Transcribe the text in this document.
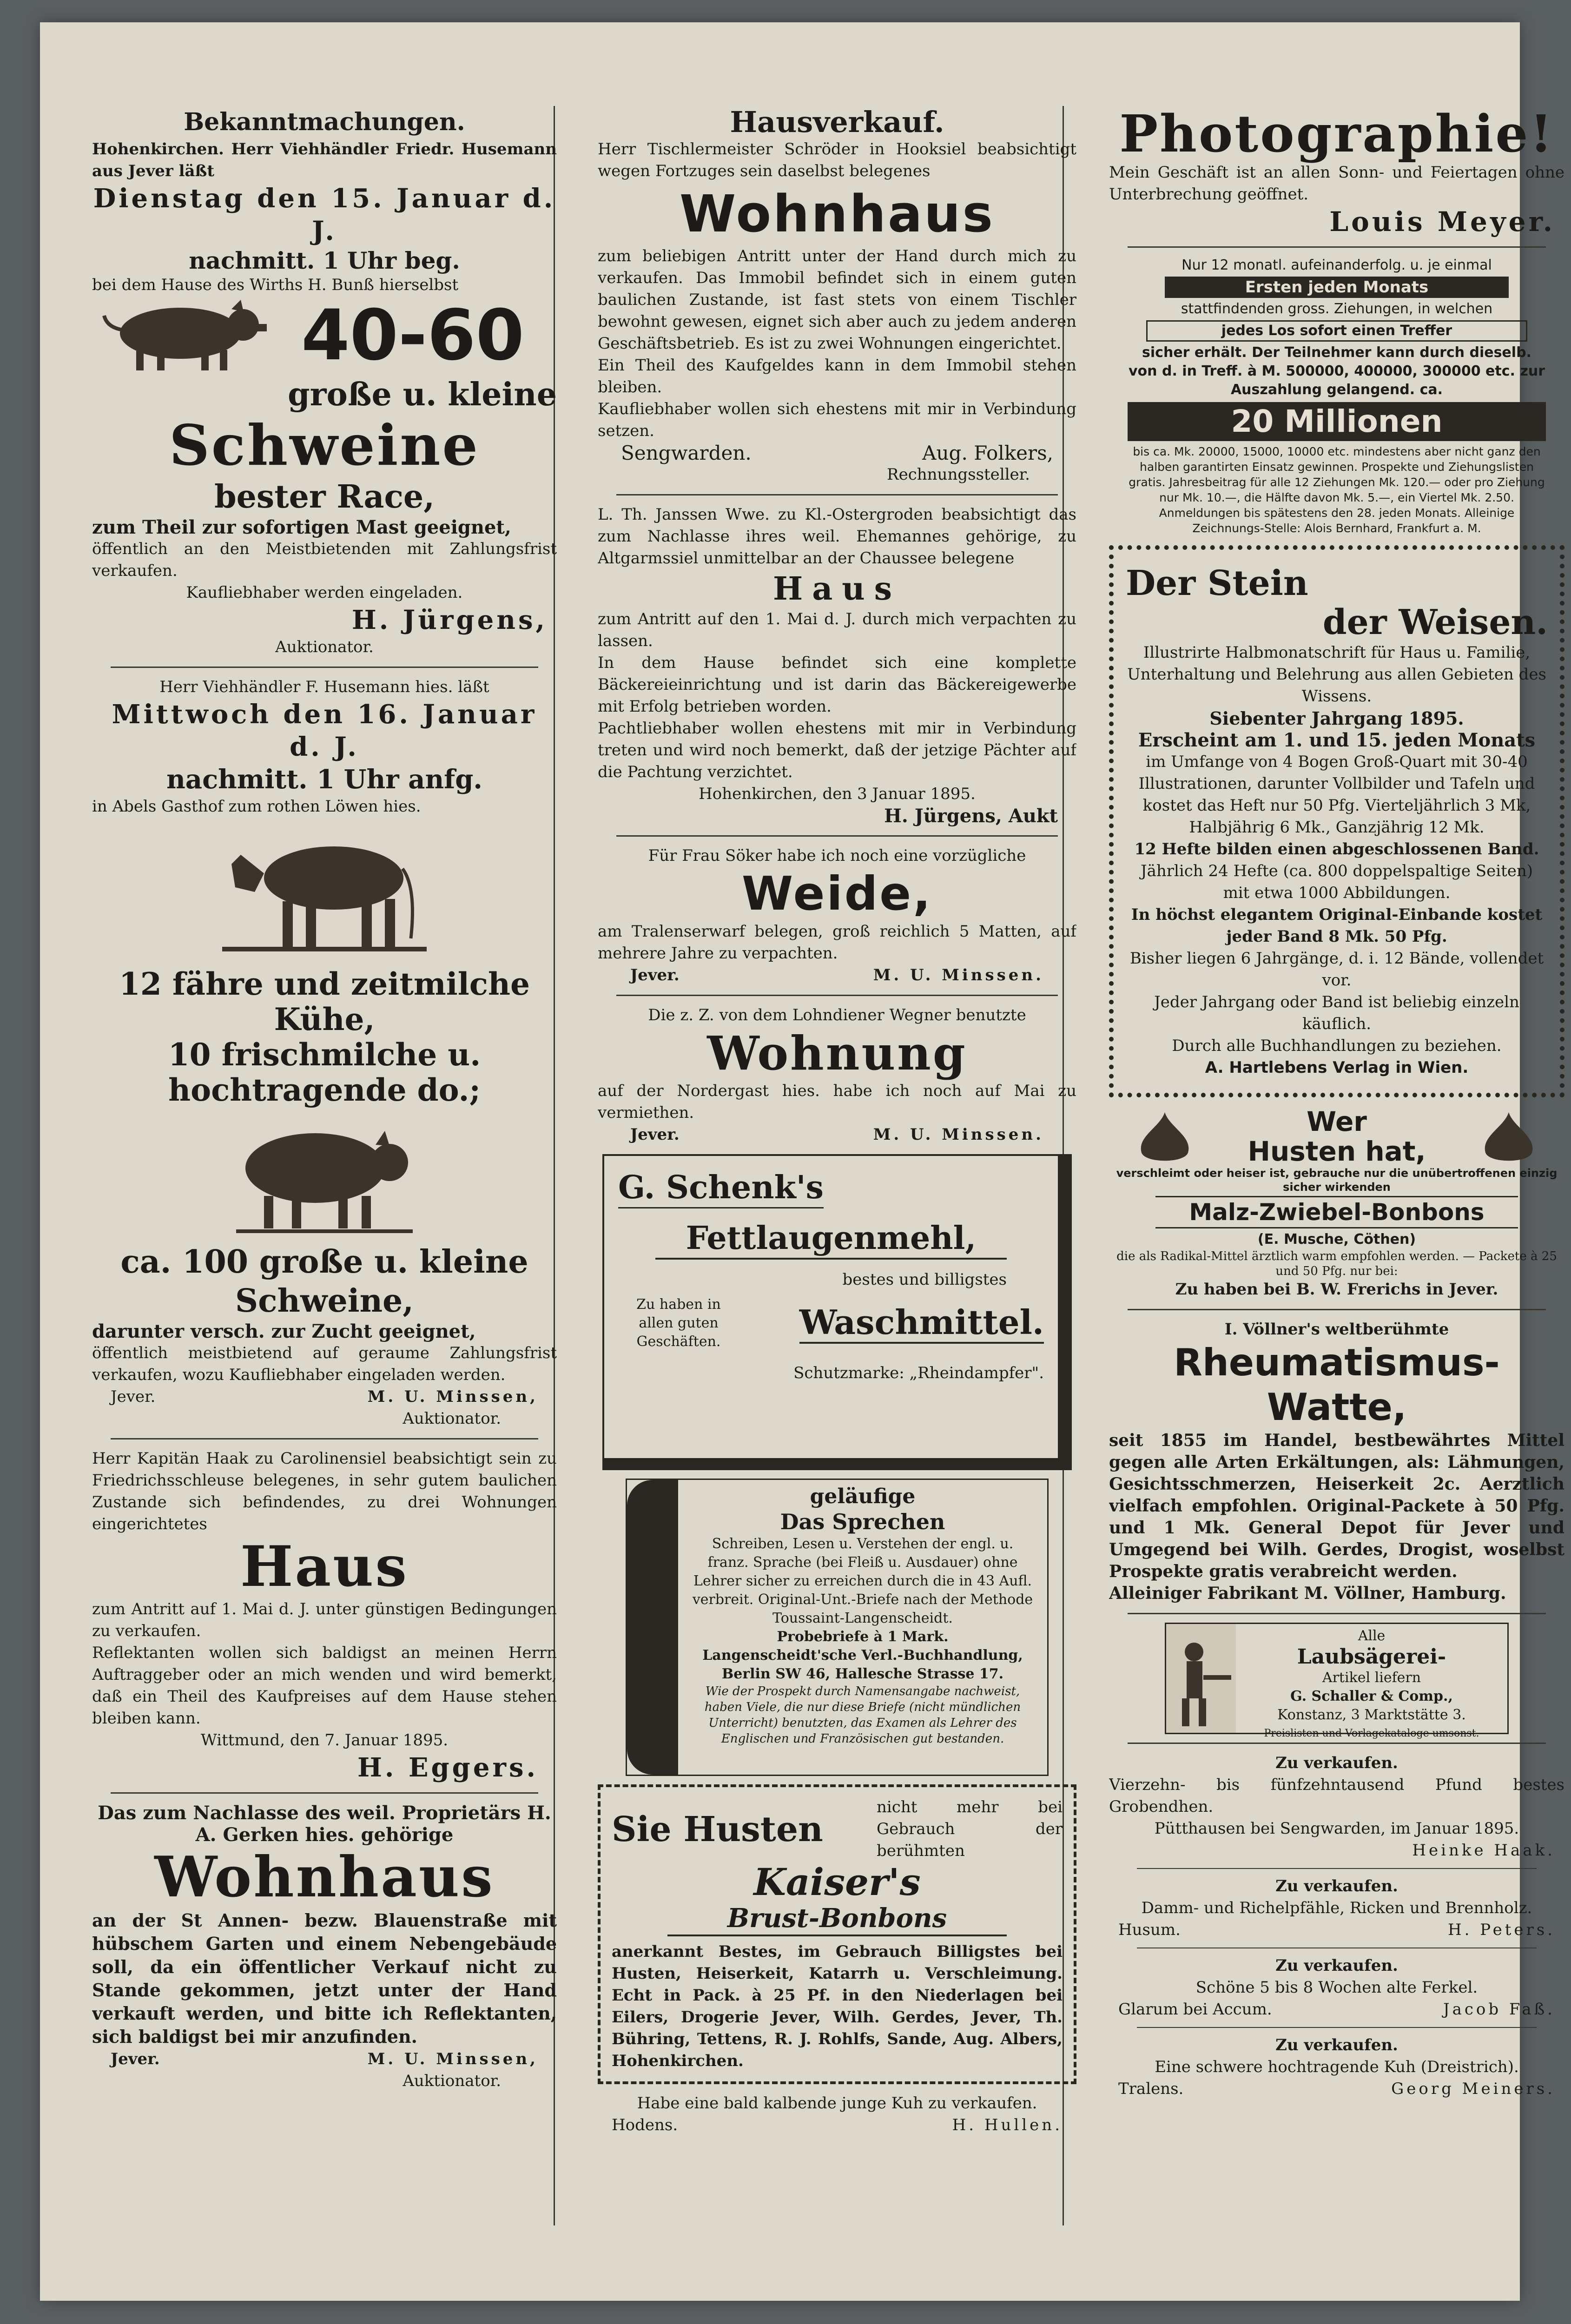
Bekanntmachungen.
Hohenkirchen. Herr Viehhändler Friedr. Husemann aus Jever läßt
Dienstag den 15. Januar d. J.
nachmitt. 1 Uhr beg.
bei dem Hause des Wirths H. Bunß hierselbst
40-60
große u. kleine
Schweine
bester Race,
zum Theil zur sofortigen Mast geeignet,
öffentlich an den Meistbietenden mit Zahlungsfrist verkaufen.
Kaufliebhaber werden eingeladen.
H. Jürgens,
Auktionator.
Herr Viehhändler F. Husemann hies. läßt
Mittwoch den 16. Januar d. J.
nachmitt. 1 Uhr anfg.
in Abels Gasthof zum rothen Löwen hies.
12 fähre und zeitmilche Kühe,
10 frischmilche u. hochtragende do.;
ca. 100 große u. kleine Schweine,
darunter versch. zur Zucht geeignet,
öffentlich meistbietend auf geraume Zahlungsfrist verkaufen, wozu Kaufliebhaber eingeladen werden.
Jever.	M. U. Minssen,
Auktionator.
Herr Kapitän Haak zu Carolinensiel beabsichtigt sein zu Friedrichsschleuse belegenes, in sehr gutem baulichen Zustande sich befindendes, zu drei Wohnungen eingerichtetes
Haus
zum Antritt auf 1. Mai d. J. unter günstigen Bedingungen zu verkaufen.
Reflektanten wollen sich baldigst an meinen Herrn Auftraggeber oder an mich wenden und wird bemerkt, daß ein Theil des Kaufpreises auf dem Hause stehen bleiben kann.
Wittmund, den 7. Januar 1895.
H. Eggers.
Das zum Nachlasse des weil. Proprietärs H. A. Gerken hies. gehörige
Wohnhaus
an der St Annen- bezw. Blauenstraße mit hübschem Garten und einem Nebengebäude soll, da ein öffentlicher Verkauf nicht zu Stande gekommen, jetzt unter der Hand verkauft werden, und bitte ich Reflektanten, sich baldigst bei mir anzufinden.
Jever.	M. U. Minssen,
Auktionator.
Hausverkauf.
Herr Tischlermeister Schröder in Hooksiel beabsichtigt wegen Fortzuges sein daselbst belegenes
Wohnhaus
zum beliebigen Antritt unter der Hand durch mich zu verkaufen. Das Immobil befindet sich in einem guten baulichen Zustande, ist fast stets von einem Tischler bewohnt gewesen, eignet sich aber auch zu jedem anderen Geschäftsbetrieb. Es ist zu zwei Wohnungen eingerichtet.
Ein Theil des Kaufgeldes kann in dem Immobil stehen bleiben.
Kaufliebhaber wollen sich ehestens mit mir in Verbindung setzen.
Sengwarden.	Aug. Folkers,
Rechnungssteller.
L. Th. Janssen Wwe. zu Kl.-Ostergroden beabsichtigt das zum Nachlasse ihres weil. Ehemannes gehörige, zu Altgarmssiel unmittelbar an der Chaussee belegene
Haus
zum Antritt auf den 1. Mai d. J. durch mich verpachten zu lassen.
In dem Hause befindet sich eine komplette Bäckereieinrichtung und ist darin das Bäckereigewerbe mit Erfolg betrieben worden.
Pachtliebhaber wollen ehestens mit mir in Verbindung treten und wird noch bemerkt, daß der jetzige Pächter auf die Pachtung verzichtet.
Hohenkirchen, den 3 Januar 1895.
H. Jürgens, Aukt
Für Frau Söker habe ich noch eine vorzügliche
Weide,
am Tralenserwarf belegen, groß reichlich 5 Matten, auf mehrere Jahre zu verpachten.
Jever.	M. U. Minssen.
Die z. Z. von dem Lohndiener Wegner benutzte
Wohnung
auf der Nordergast hies. habe ich noch auf Mai zu vermiethen.
Jever.	M. U. Minssen.
G. Schenk's
Fettlaugenmehl,
bestes und billigstes
Zu haben in allen guten Geschäften.	Waschmittel.
Schutzmarke: „Rheindampfer".
geläufige
Das Sprechen
Schreiben, Lesen u. Verstehen der engl. u. franz. Sprache (bei Fleiß u. Ausdauer) ohne Lehrer sicher zu erreichen durch die in 43 Aufl. verbreit. Original-Unt.-Briefe nach der Methode Toussaint-Langenscheidt.
Probebriefe à 1 Mark.
Langenscheidt'sche Verl.-Buchhandlung, Berlin SW 46, Hallesche Strasse 17.
Wie der Prospekt durch Namensangabe nachweist, haben Viele, die nur diese Briefe (nicht mündlichen Unterricht) benutzten, das Examen als Lehrer des Englischen und Französischen gut bestanden.
Sie Husten
nicht mehr bei Gebrauch der berühmten
Kaiser's
Brust-Bonbons
anerkannt Bestes, im Gebrauch Billigstes bei Husten, Heiserkeit, Katarrh u. Verschleimung. Echt in Pack. à 25 Pf. in den Niederlagen bei Eilers, Drogerie Jever, Wilh. Gerdes, Jever, Th. Bühring, Tettens, R. J. Rohlfs, Sande, Aug. Albers, Hohenkirchen.
Habe eine bald kalbende junge Kuh zu verkaufen.
Hodens.	H. Hullen.
Photographie!
Mein Geschäft ist an allen Sonn- und Feiertagen ohne Unterbrechung geöffnet.
Louis Meyer.
Nur 12 monatl. aufeinanderfolg. u. je einmal
Ersten jeden Monats
stattfindenden gross. Ziehungen, in welchen
jedes Los sofort einen Treffer
sicher erhält. Der Teilnehmer kann durch dieselb. von d. in Treff. à M. 500000, 400000, 300000 etc. zur Auszahlung gelangend. ca.
20 Millionen
bis ca. Mk. 20000, 15000, 10000 etc. mindestens aber nicht ganz den halben garantirten Einsatz gewinnen. Prospekte und Ziehungslisten gratis. Jahresbeitrag für alle 12 Ziehungen Mk. 120.— oder pro Ziehung nur Mk. 10.—, die Hälfte davon Mk. 5.—, ein Viertel Mk. 2.50. Anmeldungen bis spätestens den 28. jeden Monats. Alleinige Zeichnungs-Stelle: Alois Bernhard, Frankfurt a. M.
Der Stein
der Weisen.
Illustrirte Halbmonatschrift für Haus u. Familie, Unterhaltung und Belehrung aus allen Gebieten des Wissens.
Siebenter Jahrgang 1895.
Erscheint am 1. und 15. jeden Monats
im Umfange von 4 Bogen Groß-Quart mit 30-40 Illustrationen, darunter Vollbilder und Tafeln und kostet das Heft nur 50 Pfg. Vierteljährlich 3 Mk, Halbjährig 6 Mk., Ganzjährig 12 Mk.
12 Hefte bilden einen abgeschlossenen Band.
Jährlich 24 Hefte (ca. 800 doppelspaltige Seiten) mit etwa 1000 Abbildungen.
In höchst elegantem Original-Einbande kostet jeder Band 8 Mk. 50 Pfg.
Bisher liegen 6 Jahrgänge, d. i. 12 Bände, vollendet vor.
Jeder Jahrgang oder Band ist beliebig einzeln käuflich.
Durch alle Buchhandlungen zu beziehen.
A. Hartlebens Verlag in Wien.
Wer
Husten hat,
verschleimt oder heiser ist, gebrauche nur die unübertroffenen einzig sicher wirkenden
Malz-Zwiebel-Bonbons
(E. Musche, Cöthen)
die als Radikal-Mittel ärztlich warm empfohlen werden. — Packete à 25 und 50 Pfg. nur bei:
Zu haben bei B. W. Frerichs in Jever.
I. Völlner's weltberühmte
Rheumatismus-Watte,
seit 1855 im Handel, bestbewährtes Mittel gegen alle Arten Erkältungen, als: Lähmungen, Gesichtsschmerzen, Heiserkeit 2c. Aerztlich vielfach empfohlen. Original-Packete à 50 Pfg. und 1 Mk. General Depot für Jever und Umgegend bei Wilh. Gerdes, Drogist, woselbst Prospekte gratis verabreicht werden.
Alleiniger Fabrikant M. Völlner, Hamburg.
Alle
Laubsägerei-
Artikel liefern
G. Schaller & Comp.,
Konstanz, 3 Marktstätte 3.
Preislisten und Vorlagekataloge umsonst.
Zu verkaufen.
Vierzehn- bis fünfzehntausend Pfund bestes Grobendhen.
Pütthausen bei Sengwarden, im Januar 1895.
Heinke Haak.
Zu verkaufen.
Damm- und Richelpfähle, Ricken und Brennholz.
Husum.	H. Peters.
Zu verkaufen.
Schöne 5 bis 8 Wochen alte Ferkel.
Glarum bei Accum.	Jacob Faß.
Zu verkaufen.
Eine schwere hochtragende Kuh (Dreistrich).
Tralens.	Georg Meiners.
